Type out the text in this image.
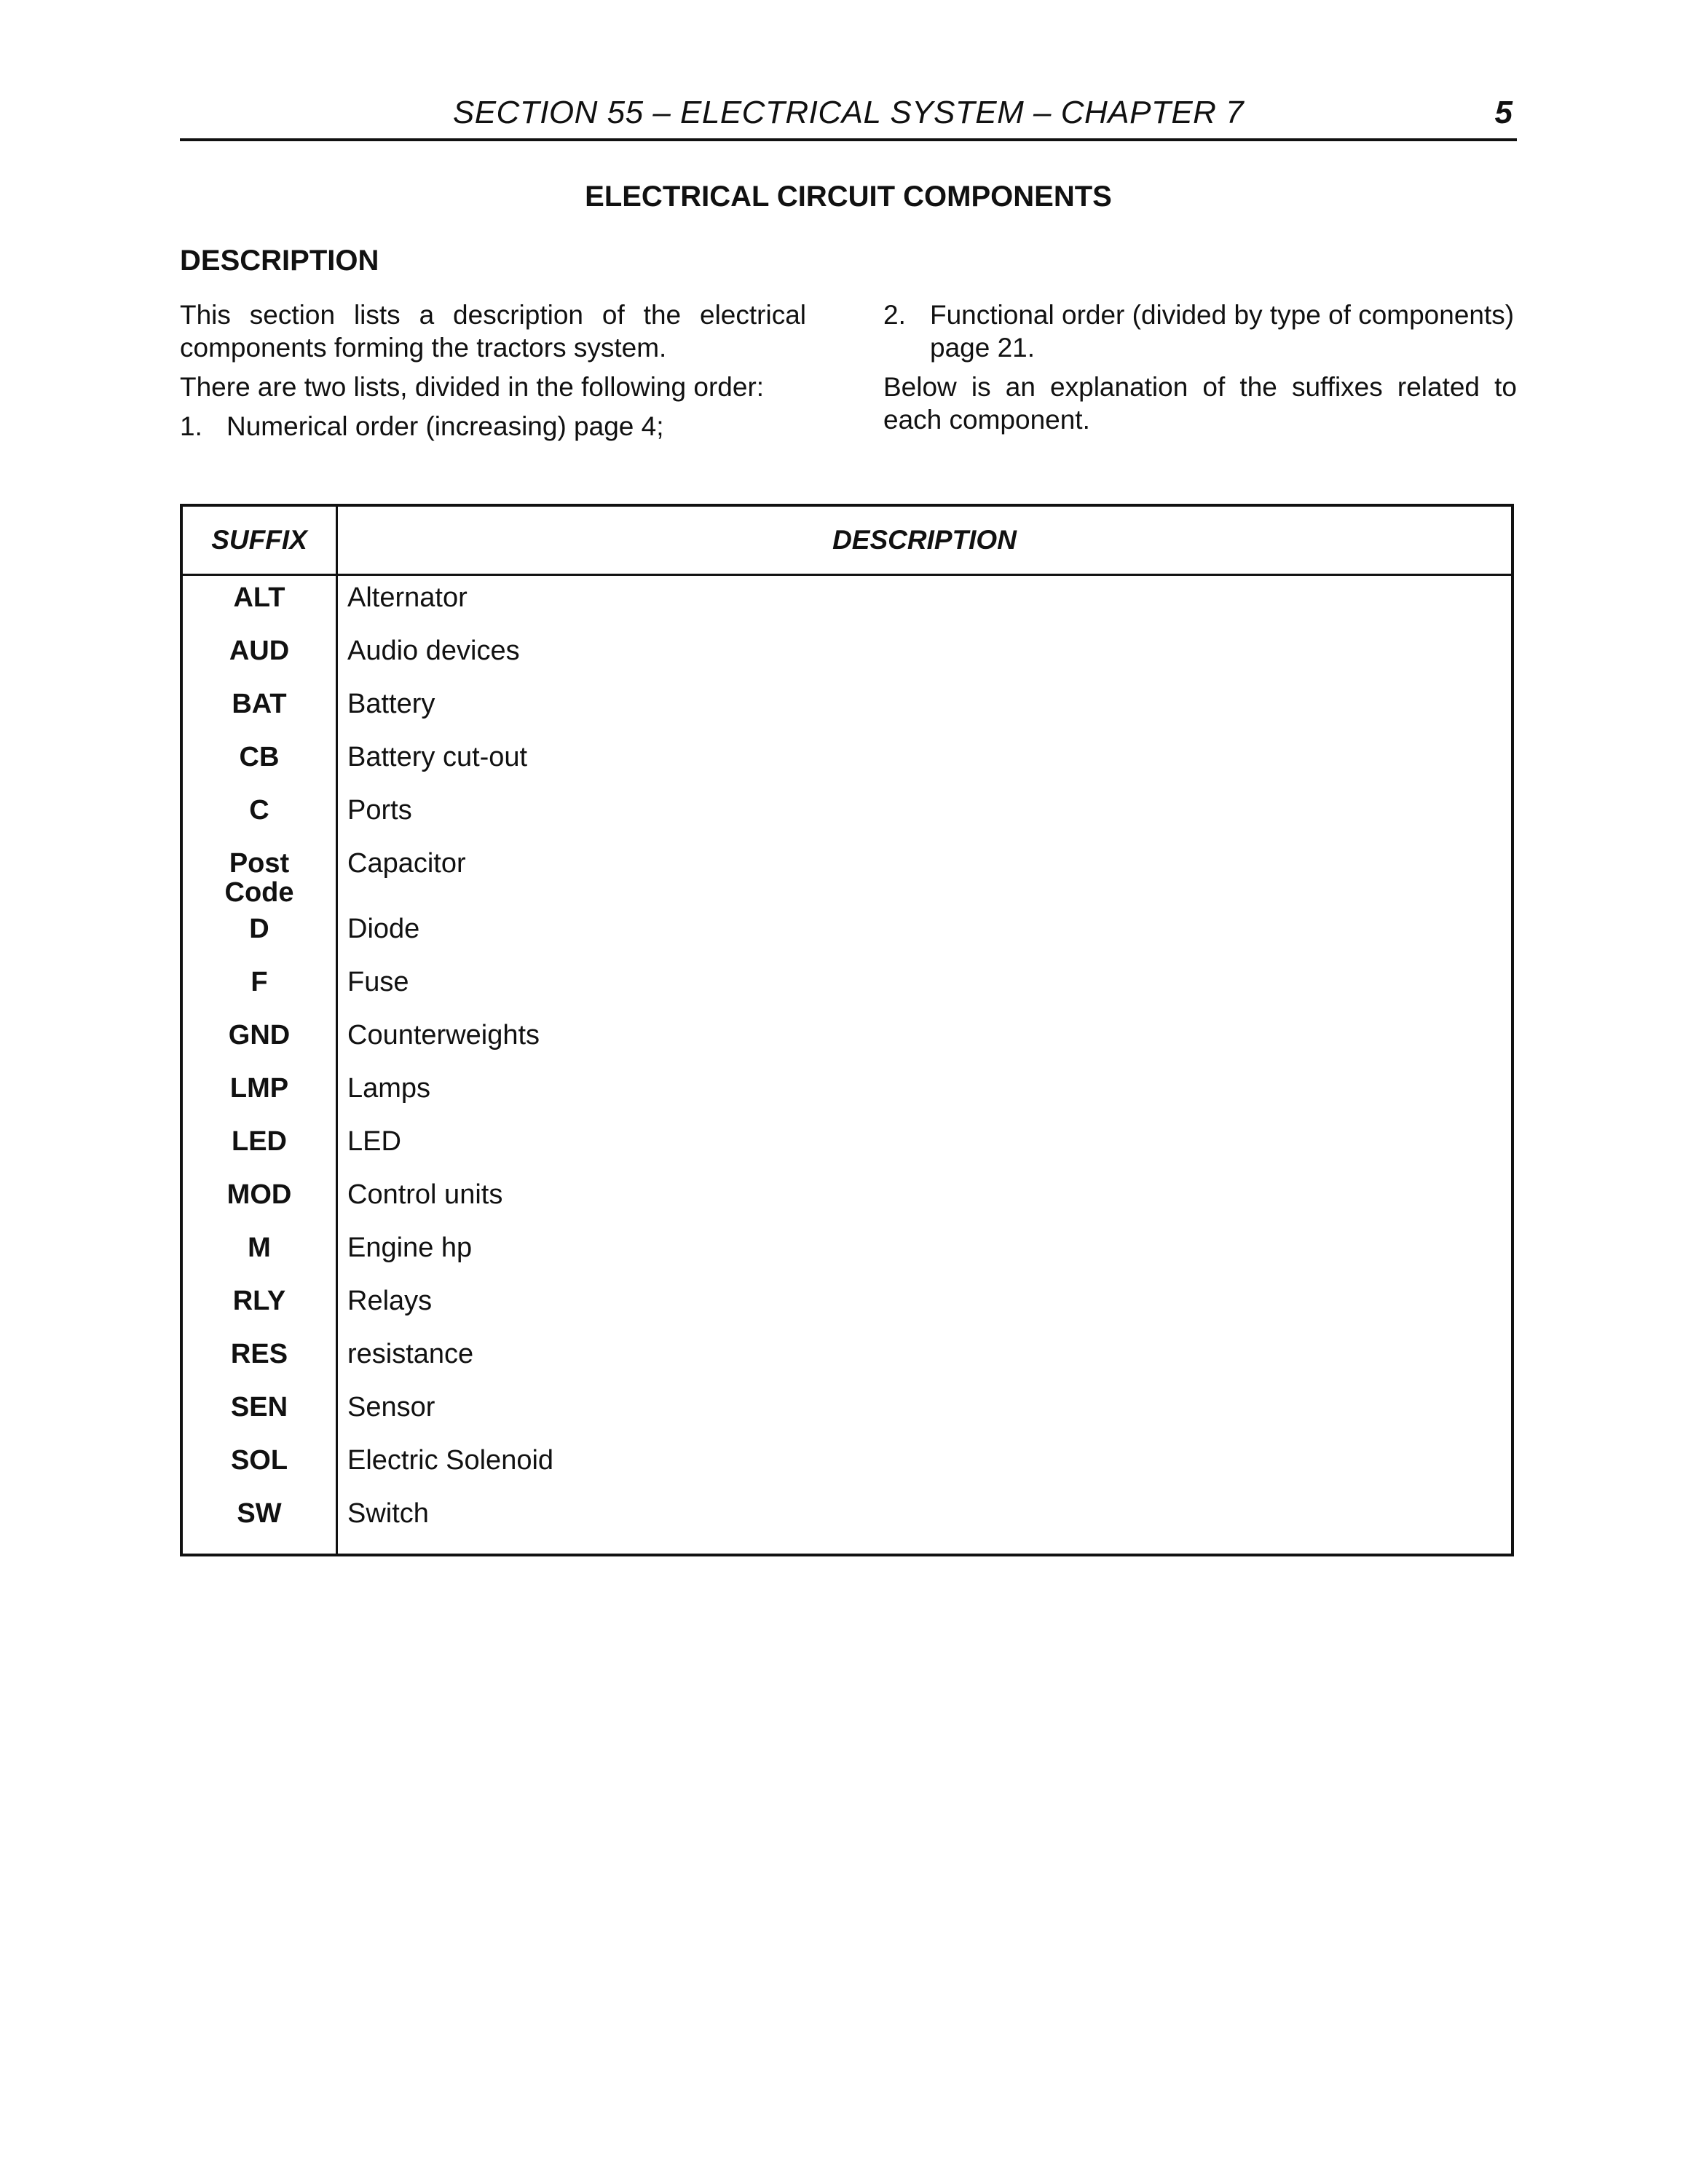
SECTION 55 – ELECTRICAL SYSTEM – CHAPTER 7	5
ELECTRICAL CIRCUIT COMPONENTS
DESCRIPTION

This section lists a description of the electrical components forming the tractors system.

There are two lists, divided in the following order:

1. Numerical order (increasing) page 4;
2. Functional order (divided by type of components) page 21.

Below is an explanation of the suffixes related to each component.

SUFFIX	DESCRIPTION
ALT	Alternator
AUD	Audio devices
BAT	Battery
CB	Battery cut-out
C	Ports
Post
Code	Capacitor
D	Diode
F	Fuse
GND	Counterweights
LMP	Lamps
LED	LED
MOD	Control units
M	Engine hp
RLY	Relays
RES	resistance
SEN	Sensor
SOL	Electric Solenoid
SW	Switch
